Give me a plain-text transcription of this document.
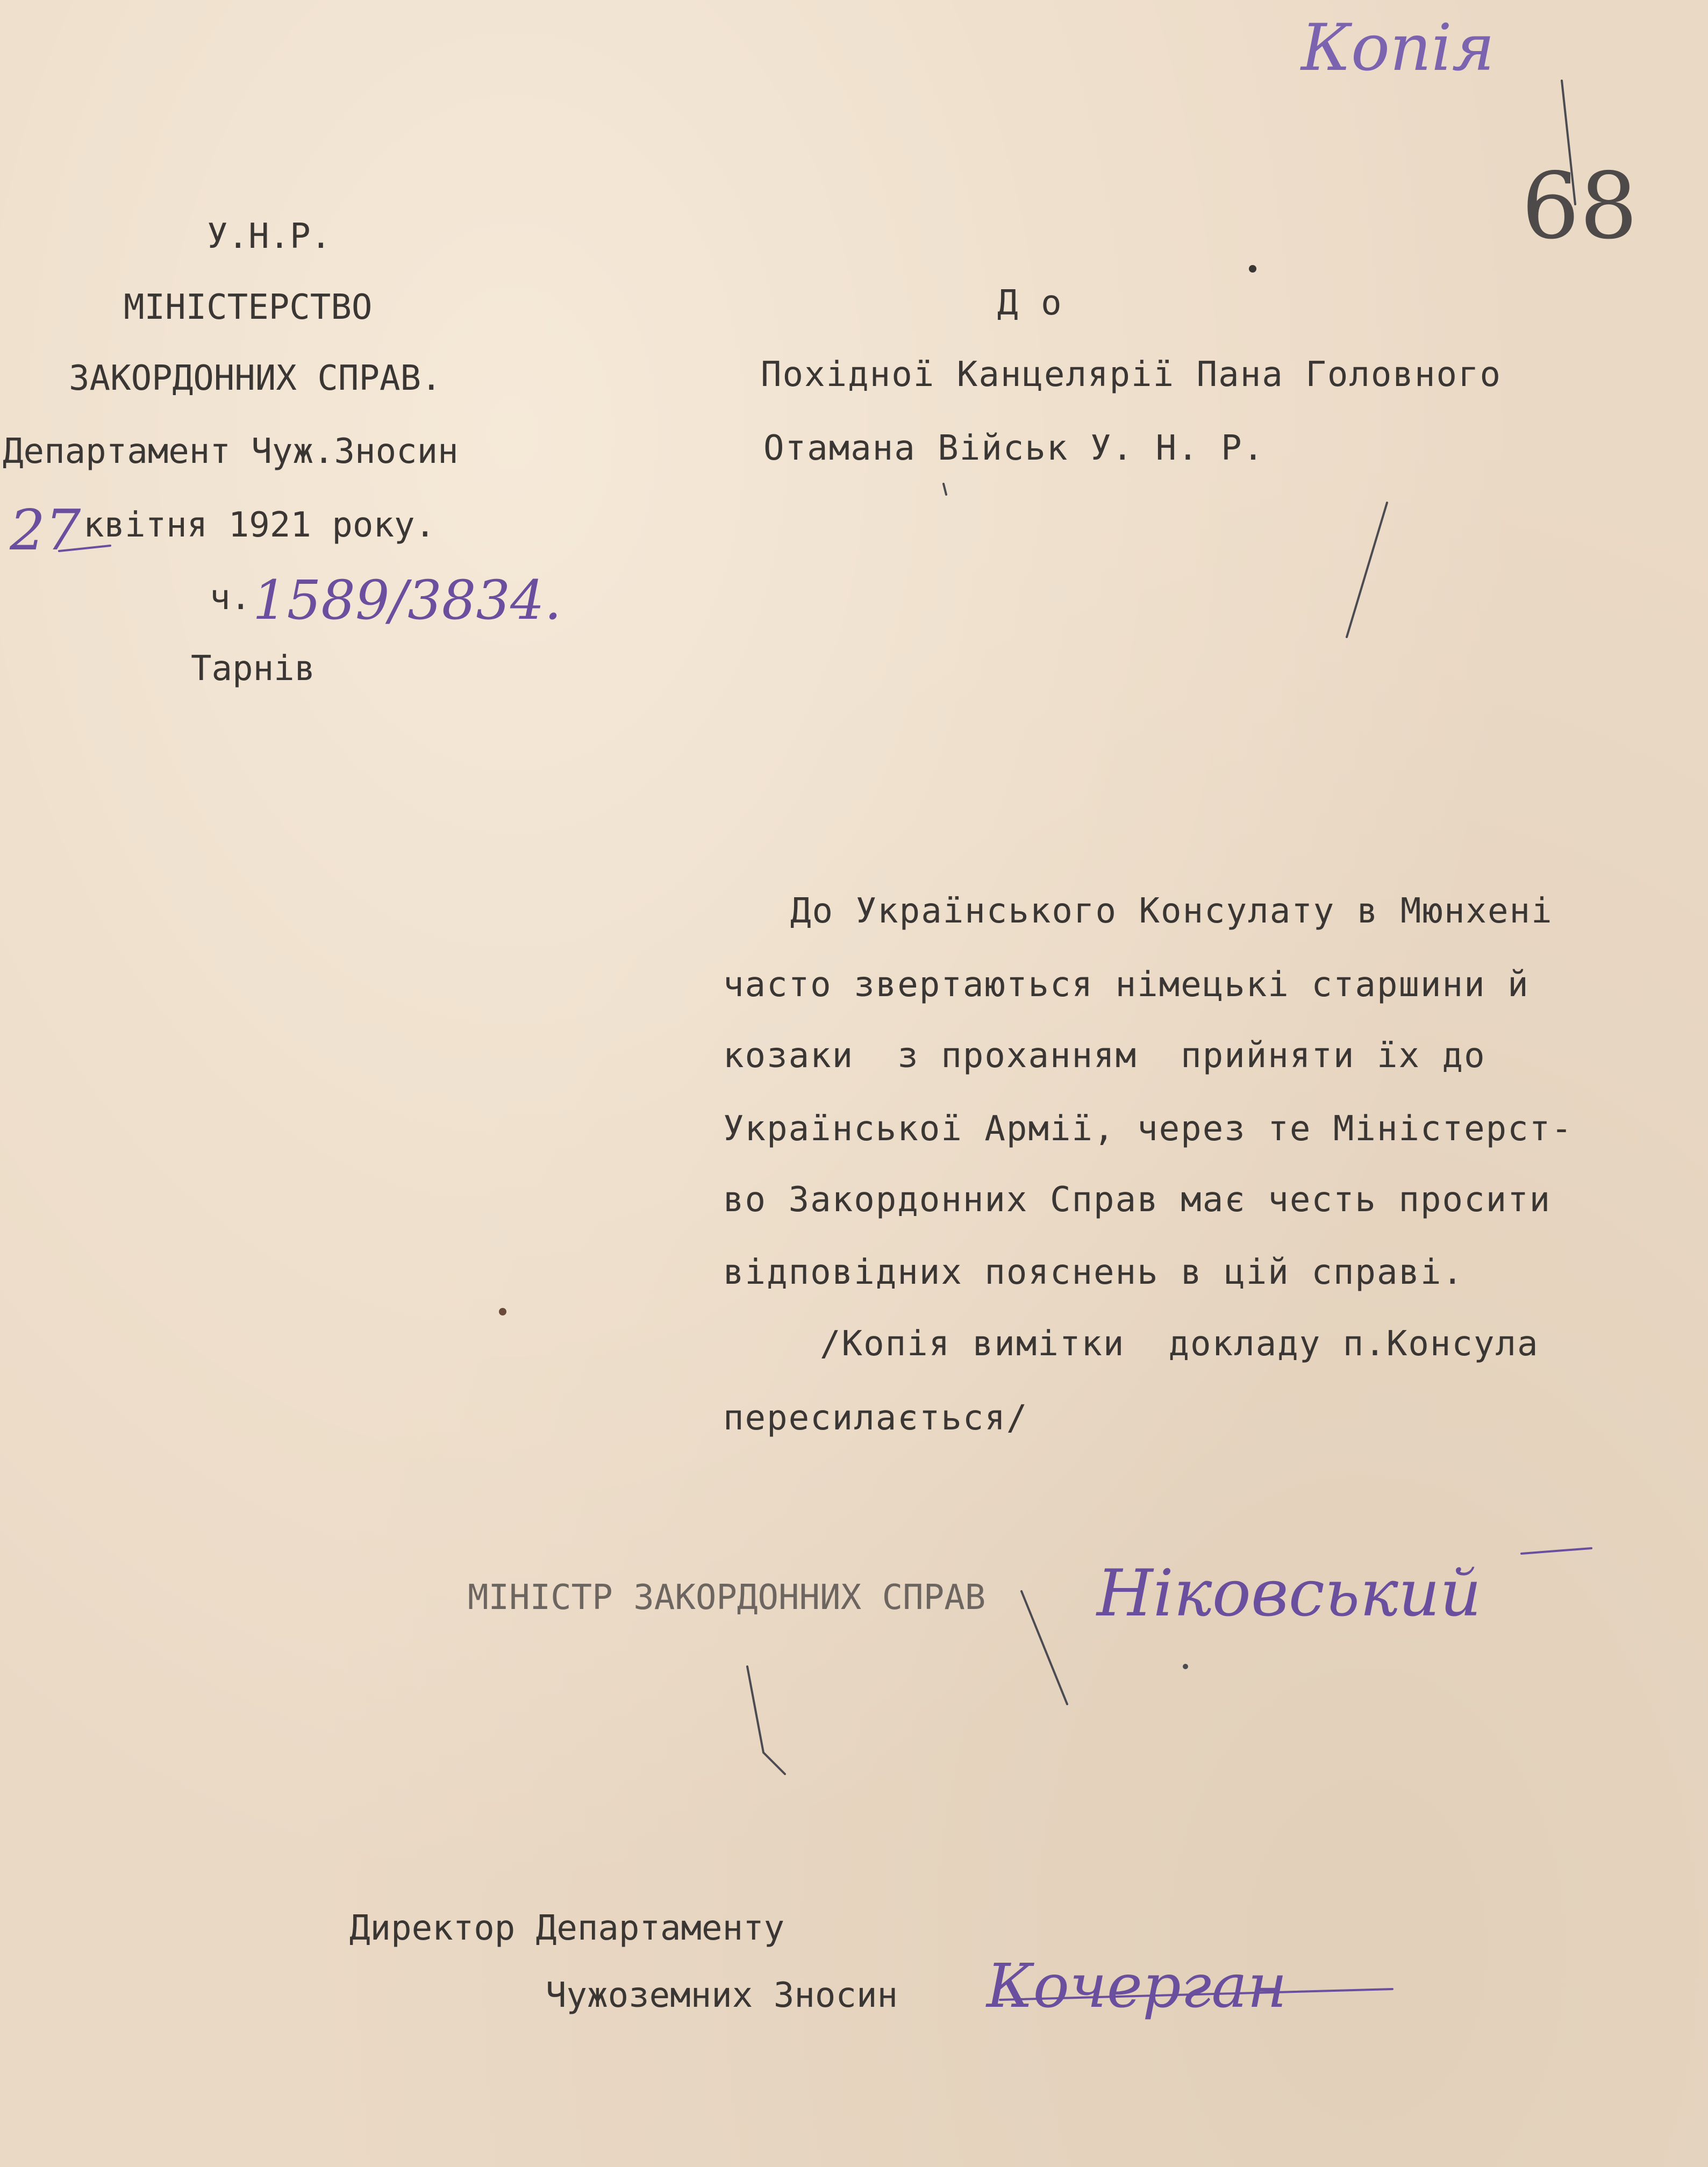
У.Н.Р.
МІНІСТЕРСТВО
ЗАКОРДОННИХ СПРАВ.
Департамент Чуж.Зносин
27 квітня 1921 року.
ч. 1589/3834.
Тарнів
Д о
Похідної Канцелярії Пана Головного
Отамана Військ У. Н. Р.
До Українського Консулату в Мюнхені
часто звертаються німецькі старшини й
козаки  з проханням  прийняти їх до
Української Армії, через те Міністерст-
во Закордонних Справ має честь просити
відповідних пояснень в цій справі.
/Копія вимітки  докладу п.Консула
пересилається/
МІНІСТР ЗАКОРДОННИХ СПРАВ Ніковський
Директор Департаменту
Чужоземних Зносин Кочерган
Копія
68
